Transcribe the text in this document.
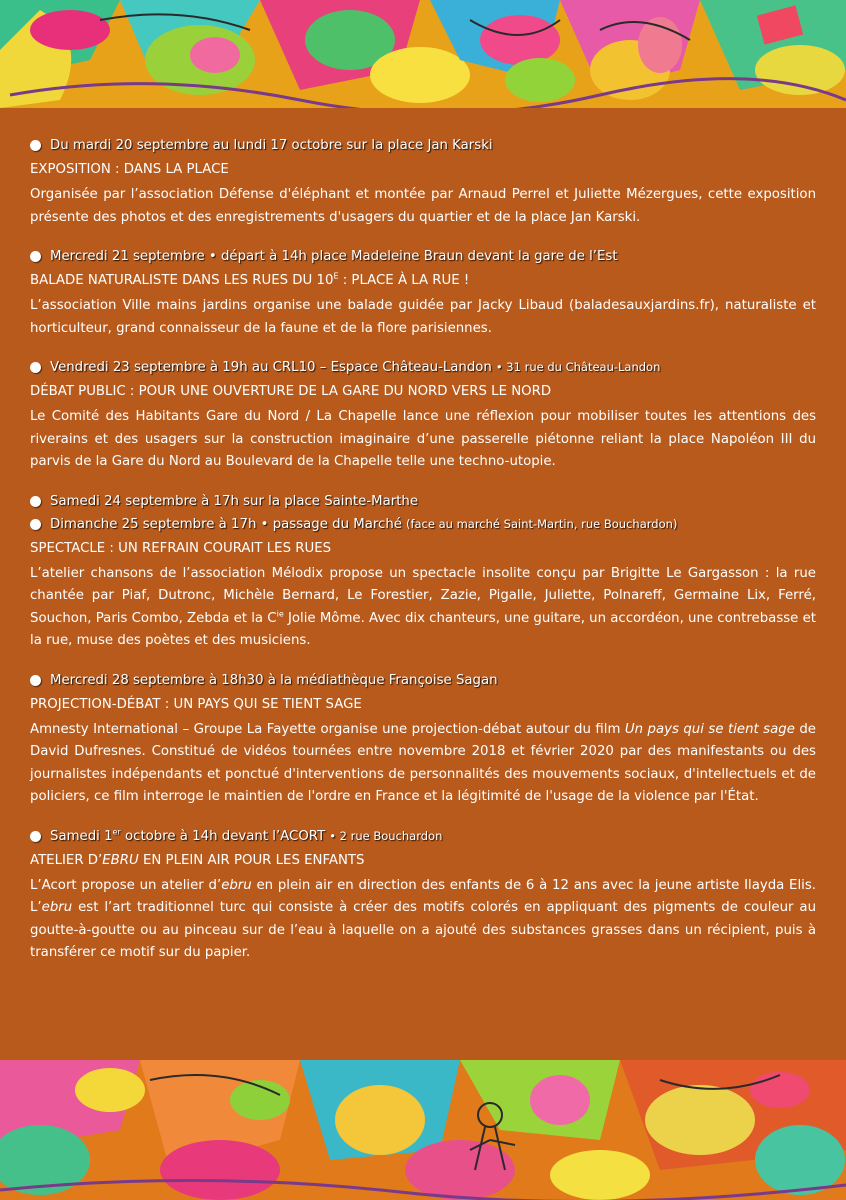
Du mardi 20 septembre au lundi 17 octobre sur la place Jan Karski
EXPOSITION : DANS LA PLACE
Organisée par l’association Défense d'éléphant et montée par Arnaud Perrel et Juliette Mézergues, cette exposition présente des photos et des enregistrements d'usagers du quartier et de la place Jan Karski.
Mercredi 21 septembre • départ à 14h place Madeleine Braun devant la gare de l’Est
BALADE NATURALISTE DANS LES RUES DU $10^E$ : PLACE À LA RUE !
L’association Ville mains jardins organise une balade guidée par Jacky Libaud (baladesauxjardins.fr), naturaliste et horticulteur, grand connaisseur de la faune et de la flore parisiennes.
Vendredi 23 septembre à 19h au CRL10 – Espace Château-Landon • 31 rue du Château-Landon
DÉBAT PUBLIC : POUR UNE OUVERTURE DE LA GARE DU NORD VERS LE NORD
Le Comité des Habitants Gare du Nord / La Chapelle lance une réflexion pour mobiliser toutes les attentions des riverains et des usagers sur la construction imaginaire d’une passerelle piétonne reliant la place Napoléon III du parvis de la Gare du Nord au Boulevard de la Chapelle telle une techno-utopie.
Samedi 24 septembre à 17h sur la place Sainte-Marthe
Dimanche 25 septembre à 17h • passage du Marché (face au marché Saint-Martin, rue Bouchardon)
SPECTACLE : UN REFRAIN COURAIT LES RUES
L’atelier chansons de l’association Mélodix propose un spectacle insolite conçu par Brigitte Le Gargasson : la rue chantée par Piaf, Dutronc, Michèle Bernard, Le Forestier, Zazie, Pigalle, Juliette, Polnareff, Germaine Lix, Ferré, Souchon, Paris Combo, Zebda et la $C^{ie}$ Jolie Môme. Avec dix chanteurs, une guitare, un accordéon, une contrebasse et la rue, muse des poètes et des musiciens.
Mercredi 28 septembre à 18h30 à la médiathèque Françoise Sagan
PROJECTION-DÉBAT : UN PAYS QUI SE TIENT SAGE
Amnesty International – Groupe La Fayette organise une projection-débat autour du film Un pays qui se tient sage de David Dufresnes. Constitué de vidéos tournées entre novembre 2018 et février 2020 par des manifestants ou des journalistes indépendants et ponctué d'interventions de personnalités des mouvements sociaux, d'intellectuels et de policiers, ce film interroge le maintien de l'ordre en France et la légitimité de l'usage de la violence par l'État.
Samedi 1er octobre à 14h devant l’ACORT • 2 rue Bouchardon
ATELIER D’EBRU EN PLEIN AIR POUR LES ENFANTS
L’Acort propose un atelier d’ebru en plein air en direction des enfants de 6 à 12 ans avec la jeune artiste Ilayda Elis. L’ebru est l’art traditionnel turc qui consiste à créer des motifs colorés en appliquant des pigments de couleur au goutte-à-goutte ou au pinceau sur de l’eau à laquelle on a ajouté des substances grasses dans un récipient, puis à transférer ce motif sur du papier.
